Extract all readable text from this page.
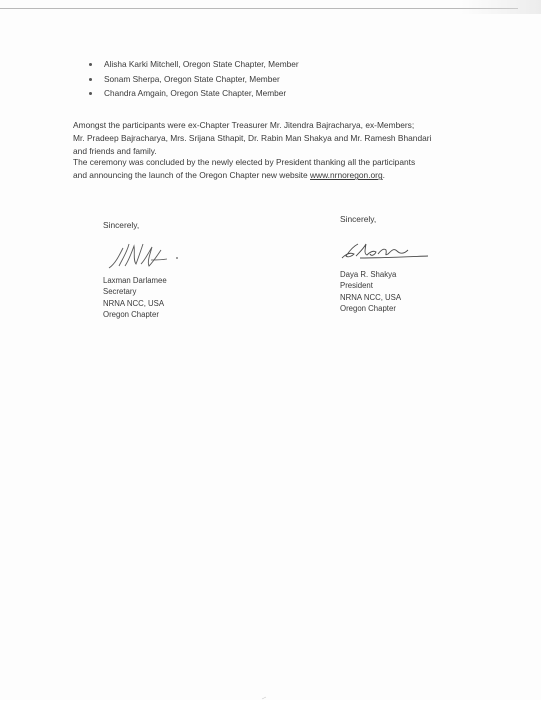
Alisha Karki Mitchell, Oregon State Chapter, Member
Sonam Sherpa, Oregon State Chapter, Member
Chandra Amgain, Oregon State Chapter, Member

Amongst the participants were ex-Chapter Treasurer Mr. Jitendra Bajracharya, ex-Members;
Mr. Pradeep Bajracharya, Mrs. Srijana Sthapit, Dr. Rabin Man Shakya and Mr. Ramesh Bhandari
and friends and family.

The ceremony was concluded by the newly elected by President thanking all the participants
and announcing the launch of the Oregon Chapter new website www.nrnoregon.org.

Sincerely,
Laxman Darlamee
Secretary
NRNA NCC, USA
Oregon Chapter
Sincerely,
Daya R. Shakya
President
NRNA NCC, USA
Oregon Chapter
